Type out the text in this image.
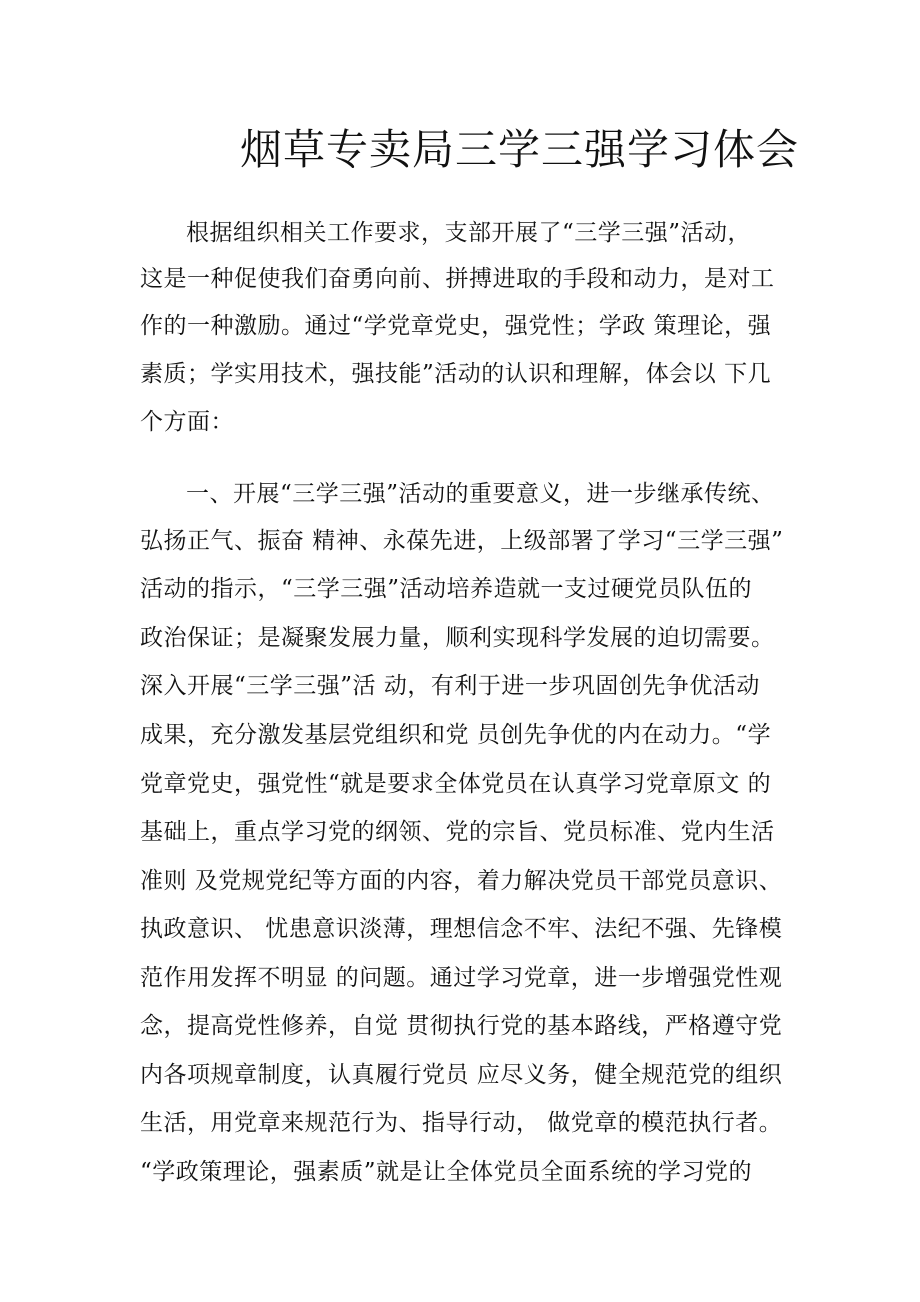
烟草专卖局三学三强学习体会
根据组织相关工作要求，支部开展了“三学三强”活动，
这是一种促使我们奋勇向前、拼搏进取的手段和动力，是对工
作的一种激励。通过“学党章党史，强党性；学政 策理论，强
素质；学实用技术，强技能”活动的认识和理解，体会以 下几
个方面：
一、开展“三学三强”活动的重要意义，进一步继承传统、
弘扬正气、振奋 精神、永葆先进，上级部署了学习“三学三强”
活动的指示，“三学三强”活动培养造就一支过硬党员队伍的
政治保证；是凝聚发展力量，顺利实现科学发展的迫切需要。
深入开展“三学三强”活 动，有利于进一步巩固创先争优活动
成果，充分激发基层党组织和党 员创先争优的内在动力。“学
党章党史，强党性“就是要求全体党员在认真学习党章原文 的
基础上，重点学习党的纲领、党的宗旨、党员标准、党内生活
准则 及党规党纪等方面的内容，着力解决党员干部党员意识、
执政意识、 忧患意识淡薄，理想信念不牢、法纪不强、先锋模
范作用发挥不明显 的问题。通过学习党章，进一步增强党性观
念，提高党性修养，自觉 贯彻执行党的基本路线，严格遵守党
内各项规章制度，认真履行党员 应尽义务，健全规范党的组织
生活，用党章来规范行为、指导行动， 做党章的模范执行者。
“学政策理论，强素质”就是让全体党员全面系统的学习党的
